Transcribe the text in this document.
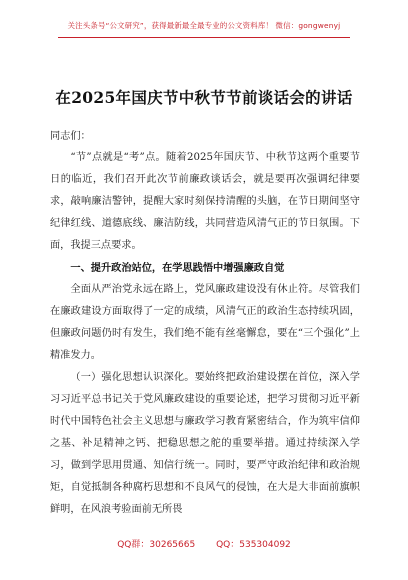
关注头条号“公文研究”，获得最新最全最专业的公文资料库！ 微信：gongwenyj
在2025年国庆节中秋节节前谈话会的讲话
同志们：

“节”点就是“考”点。随着2025年国庆节、中秋节这两个重要节日的临近，我们召开此次节前廉政谈话会，就是要再次强调纪律要求，敲响廉洁警钟，提醒大家时刻保持清醒的头脑，在节日期间坚守纪律红线、道德底线、廉洁防线，共同营造风清气正的节日氛围。下面，我提三点要求。

一、提升政治站位，在学思践悟中增强廉政自觉

全面从严治党永远在路上，党风廉政建设没有休止符。尽管我们在廉政建设方面取得了一定的成绩，风清气正的政治生态持续巩固，但廉政问题仍时有发生，我们绝不能有丝毫懈怠，要在“三个强化”上精准发力。

（一）强化思想认识深化。要始终把政治建设摆在首位，深入学习习近平总书记关于党风廉政建设的重要论述，把学习贯彻习近平新时代中国特色社会主义思想与廉政学习教育紧密结合，作为筑牢信仰之基、补足精神之钙、把稳思想之舵的重要举措。通过持续深入学习，做到学思用贯通、知信行统一。同时，要严守政治纪律和政治规矩，自觉抵制各种腐朽思想和不良风气的侵蚀，在大是大非面前旗帜鲜明，在风浪考验面前无所畏

QQ群：30265665 QQ：535304092
